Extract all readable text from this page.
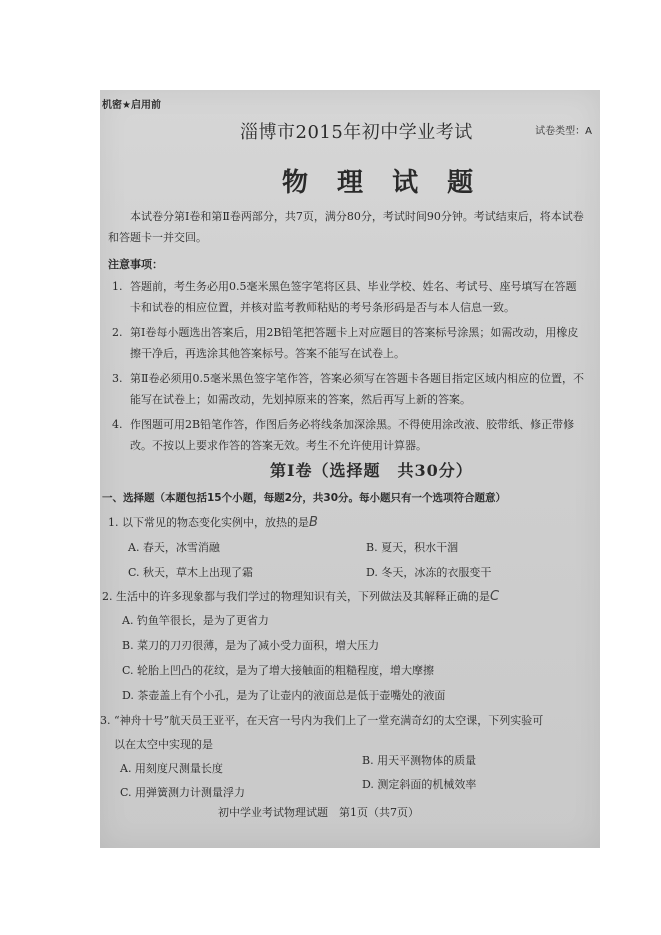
机密★启用前
试卷类型：A
淄博市2015年初中学业考试
物 理 试 题
本试卷分第Ⅰ卷和第Ⅱ卷两部分，共7页，满分80分，考试时间90分钟。考试结束后，将本试卷和答题卡一并交回。
注意事项：
1. 答题前，考生务必用0.5毫米黑色签字笔将区县、毕业学校、姓名、考试号、座号填写在答题卡和试卷的相应位置，并核对监考教师粘贴的考号条形码是否与本人信息一致。
2. 第Ⅰ卷每小题选出答案后，用2B铅笔把答题卡上对应题目的答案标号涂黑；如需改动，用橡皮擦干净后，再选涂其他答案标号。答案不能写在试卷上。
3. 第Ⅱ卷必须用0.5毫米黑色签字笔作答，答案必须写在答题卡各题目指定区域内相应的位置，不能写在试卷上；如需改动，先划掉原来的答案，然后再写上新的答案。
4. 作图题可用2B铅笔作答，作图后务必将线条加深涂黑。不得使用涂改液、胶带纸、修正带修改。不按以上要求作答的答案无效。考生不允许使用计算器。
第Ⅰ卷（选择题　共30分）
一、选择题（本题包括15个小题，每题2分，共30分。每小题只有一个选项符合题意）
1. 以下常见的物态变化实例中，放热的是B
A. 春天，冰雪消融	B. 夏天，积水干涸
C. 秋天，草木上出现了霜	D. 冬天，冰冻的衣服变干
2. 生活中的许多现象都与我们学过的物理知识有关，下列做法及其解释正确的是C
A. 钓鱼竿很长，是为了更省力
B. 菜刀的刀刃很薄，是为了减小受力面积，增大压力
C. 轮胎上凹凸的花纹，是为了增大接触面的粗糙程度，增大摩擦
D. 茶壶盖上有个小孔，是为了让壶内的液面总是低于壶嘴处的液面
3. “神舟十号”航天员王亚平，在天宫一号内为我们上了一堂充满奇幻的太空课，下列实验可
以在太空中实现的是
A. 用刻度尺测量长度
B. 用天平测物体的质量
C. 用弹簧测力计测量浮力
D. 测定斜面的机械效率
初中学业考试物理试题　第1页（共7页）
